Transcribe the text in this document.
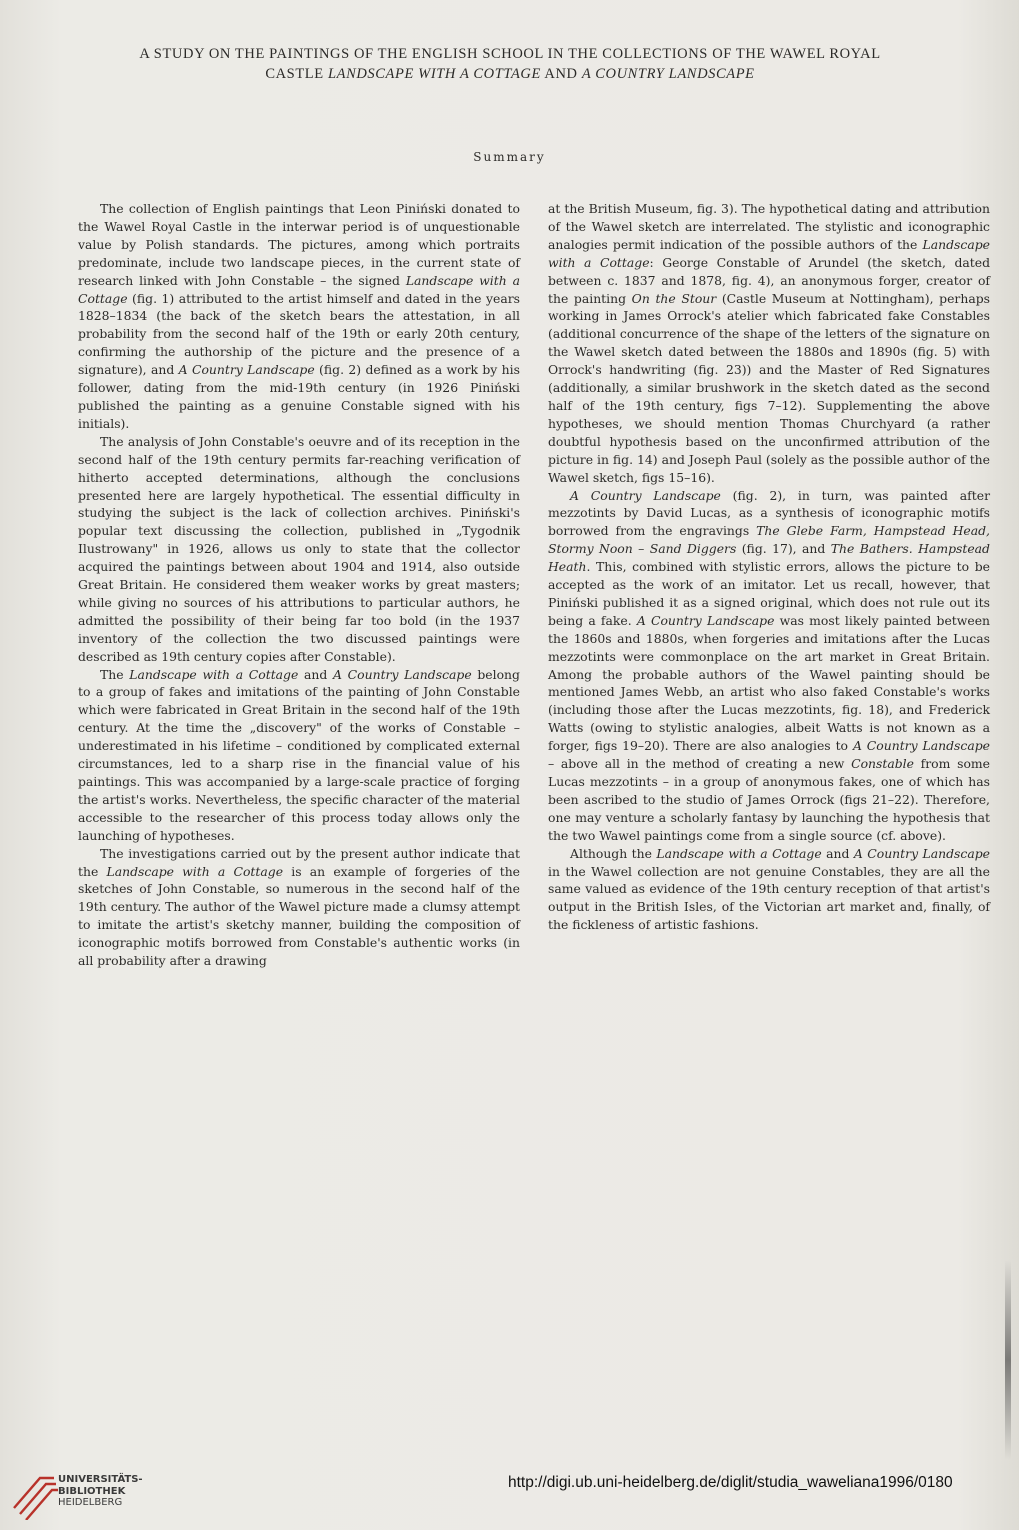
A STUDY ON THE PAINTINGS OF THE ENGLISH SCHOOL IN THE COLLECTIONS OF THE WAWEL ROYAL
CASTLE LANDSCAPE WITH A COTTAGE AND A COUNTRY LANDSCAPE
Summary

The collection of English paintings that Leon Piniński donated to the Wawel Royal Castle in the interwar period is of unquestionable value by Polish standards. The pictures, among which portraits predominate, include two landscape pieces, in the current state of research linked with John Constable – the signed Landscape with a Cottage (fig. 1) attributed to the artist himself and dated in the years 1828–1834 (the back of the sketch bears the attestation, in all probability from the second half of the 19th or early 20th century, confirming the authorship of the picture and the presence of a signature), and A Country Landscape (fig. 2) defined as a work by his follower, dating from the mid-19th century (in 1926 Piniński published the painting as a genuine Constable signed with his initials).

The analysis of John Constable's oeuvre and of its reception in the second half of the 19th century permits far-reaching verification of hitherto accepted determinations, although the conclusions presented here are largely hypothetical. The essential difficulty in studying the subject is the lack of collection archives. Piniński's popular text discussing the collection, published in „Tygodnik Ilustrowany" in 1926, allows us only to state that the collector acquired the paintings between about 1904 and 1914, also outside Great Britain. He considered them weaker works by great masters; while giving no sources of his attributions to particular authors, he admitted the possibility of their being far too bold (in the 1937 inventory of the collection the two discussed paintings were described as 19th century copies after Constable).

The Landscape with a Cottage and A Country Landscape belong to a group of fakes and imitations of the painting of John Constable which were fabricated in Great Britain in the second half of the 19th century. At the time the „discovery" of the works of Constable – underestimated in his lifetime – conditioned by complicated external circumstances, led to a sharp rise in the financial value of his paintings. This was accompanied by a large-scale practice of forging the artist's works. Nevertheless, the specific character of the material accessible to the researcher of this process today allows only the launching of hypotheses.

The investigations carried out by the present author indicate that the Landscape with a Cottage is an example of forgeries of the sketches of John Constable, so numerous in the second half of the 19th century. The author of the Wawel picture made a clumsy attempt to imitate the artist's sketchy manner, building the composition of iconographic motifs borrowed from Constable's authentic works (in all probability after a drawing

at the British Museum, fig. 3). The hypothetical dating and attribution of the Wawel sketch are interrelated. The stylistic and iconographic analogies permit indication of the possible authors of the Landscape with a Cottage: George Constable of Arundel (the sketch, dated between c. 1837 and 1878, fig. 4), an anonymous forger, creator of the painting On the Stour (Castle Museum at Nottingham), perhaps working in James Orrock's atelier which fabricated fake Constables (additional concurrence of the shape of the letters of the signature on the Wawel sketch dated between the 1880s and 1890s (fig. 5) with Orrock's handwriting (fig. 23)) and the Master of Red Signatures (additionally, a similar brushwork in the sketch dated as the second half of the 19th century, figs 7–12). Supplementing the above hypotheses, we should mention Thomas Churchyard (a rather doubtful hypothesis based on the unconfirmed attribution of the picture in fig. 14) and Joseph Paul (solely as the possible author of the Wawel sketch, figs 15–16).

A Country Landscape (fig. 2), in turn, was painted after mezzotints by David Lucas, as a synthesis of iconographic motifs borrowed from the engravings The Glebe Farm, Hampstead Head, Stormy Noon – Sand Diggers (fig. 17), and The Bathers. Hampstead Heath. This, combined with stylistic errors, allows the picture to be accepted as the work of an imitator. Let us recall, however, that Piniński published it as a signed original, which does not rule out its being a fake. A Country Landscape was most likely painted between the 1860s and 1880s, when forgeries and imitations after the Lucas mezzotints were commonplace on the art market in Great Britain. Among the probable authors of the Wawel painting should be mentioned James Webb, an artist who also faked Constable's works (including those after the Lucas mezzotints, fig. 18), and Frederick Watts (owing to stylistic analogies, albeit Watts is not known as a forger, figs 19–20). There are also analogies to A Country Landscape – above all in the method of creating a new Constable from some Lucas mezzotints – in a group of anonymous fakes, one of which has been ascribed to the studio of James Orrock (figs 21–22). Therefore, one may venture a scholarly fantasy by launching the hypothesis that the two Wawel paintings come from a single source (cf. above).

Although the Landscape with a Cottage and A Country Landscape in the Wawel collection are not genuine Constables, they are all the same valued as evidence of the 19th century reception of that artist's output in the British Isles, of the Victorian art market and, finally, of the fickleness of artistic fashions.

UNIVERSITÄTS-
BIBLIOTHEK
HEIDELBERG
http://digi.ub.uni-heidelberg.de/diglit/studia_waweliana1996/0180
